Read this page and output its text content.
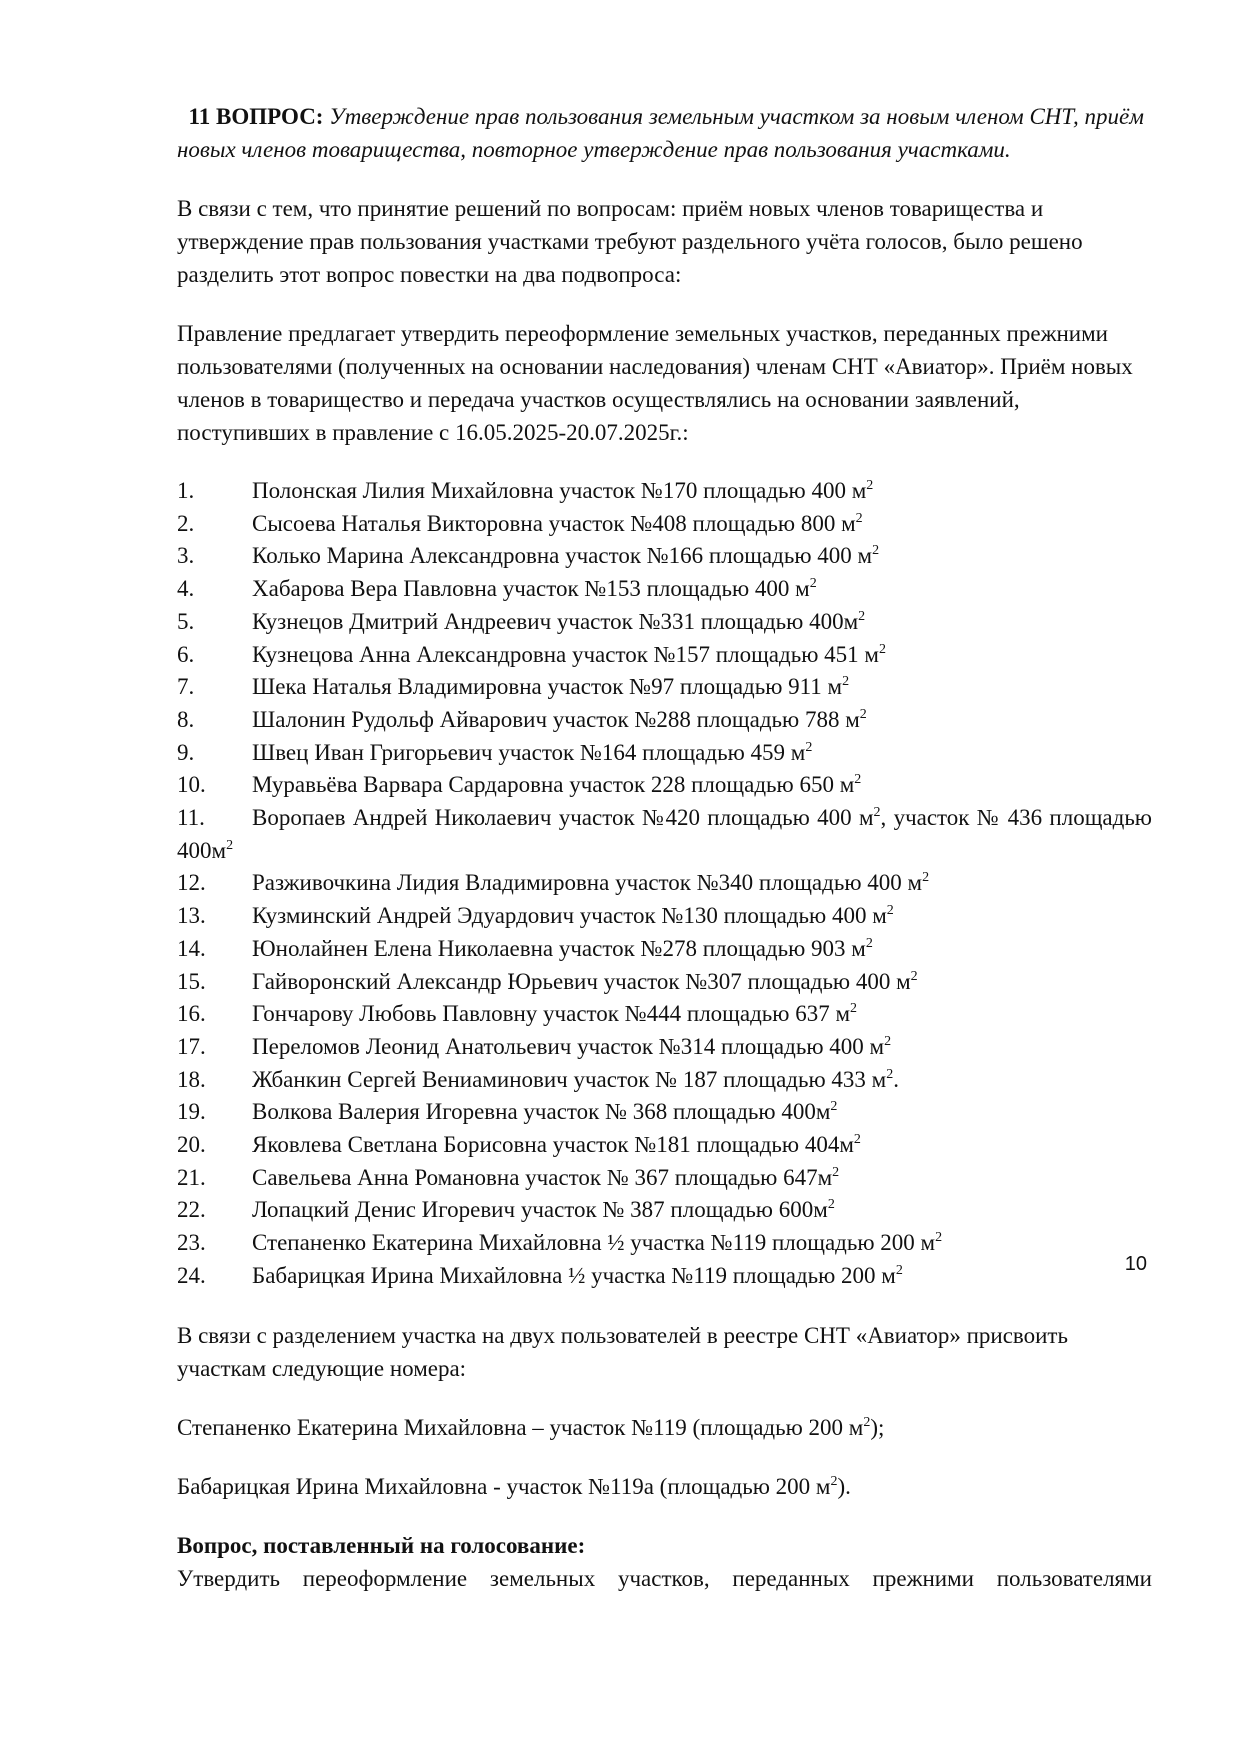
11 ВОПРОС: Утверждение прав пользования земельным участком за новым членом СНТ, приём новых членов товарищества, повторное утверждение прав пользования участками.

В связи с тем, что принятие решений по вопросам: приём новых членов товарищества и утверждение прав пользования участками требуют раздельного учёта голосов, было решено разделить этот вопрос повестки на два подвопроса:

Правление предлагает утвердить переоформление земельных участков, переданных прежними пользователями (полученных на основании наследования) членам СНТ «Авиатор». Приём новых членов в товарищество и передача участков осуществлялись на основании заявлений, поступивших в правление с 16.05.2025-20.07.2025г.:

1.	Полонская Лилия Михайловна участок №170 площадью 400 $м^2$
2.	Сысоева Наталья Викторовна участок №408 площадью 800 $м^2$
3.	Колько Марина Александровна участок №166 площадью 400 $м^2$
4.	Хабарова Вера Павловна участок №153 площадью 400 $м^2$
5.	Кузнецов Дмитрий Андреевич участок №331 площадью $400м^2$
6.	Кузнецова Анна Александровна участок №157 площадью 451 $м^2$
7.	Шека Наталья Владимировна участок №97 площадью 911 $м^2$
8.	Шалонин Рудольф Айварович участок №288 площадью 788 $м^2$
9.	Швец Иван Григорьевич участок №164 площадью 459 $м^2$
10. Муравьёва Варвара Сардаровна участок 228 площадью 650 $м^2$
11. Воропаев Андрей Николаевич участок №420 площадью 400 $м^2$, участок № 436 площадью $400м^2$
12. Разживочкина Лидия Владимировна участок №340 площадью 400 $м^2$
13. Кузминский Андрей Эдуардович участок №130 площадью 400 $м^2$
14. Юнолайнен Елена Николаевна участок №278 площадью 903 $м^2$
15. Гайворонский Александр Юрьевич участок №307 площадью 400 $м^2$
16. Гончарову Любовь Павловну участок №444 площадью 637 $м^2$
17. Переломов Леонид Анатольевич участок №314 площадью 400 $м^2$
18. Жбанкин Сергей Вениаминович участок № 187 площадью 433 $м^2$.
19. Волкова Валерия Игоревна участок № 368 площадью $400м^2$
20. Яковлева Светлана Борисовна участок №181 площадью $404м^2$
21. Савельева Анна Романовна участок № 367 площадью $647м^2$
22. Лопацкий Денис Игоревич участок № 387 площадью $600м^2$
23. Степаненко Екатерина Михайловна ½ участка №119 площадью 200 $м^2$
24. Бабарицкая Ирина Михайловна ½ участка №119 площадью 200 $м^2$

В связи с разделением участка на двух пользователей в реестре СНТ «Авиатор» присвоить участкам следующие номера:

Степаненко Екатерина Михайловна – участок №119 (площадью 200 $м^2$);

Бабарицкая Ирина Михайловна - участок №119а (площадью 200 $м^2$).

Вопрос, поставленный на голосование:

Утвердить переоформление земельных участков, переданных прежними пользователями

10
